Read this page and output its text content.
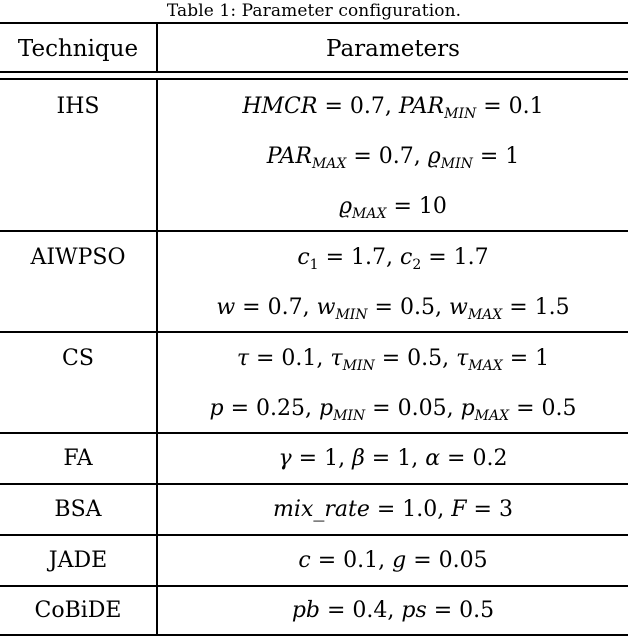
Table 1: Parameter configuration.
Technique	Parameters
IHS	HMCR = 0.7, $PAR_{MIN} = 0.1$
$PAR_{MAX} = 0.7$, $ϱ_{MIN} = 1$
$ϱ_{MAX} = 10$
AIWPSO	$c_1 = 1.7$, $c_2 = 1.7$
w = 0.7, $w_{MIN} = 0.5$, $w_{MAX} = 1.5$
CS	τ = 0.1, $\tau_{MIN} = 0.5$, $\tau_{MAX} = 1$
p = 0.25, $p_{MIN} = 0.05$, $p_{MAX} = 0.5$
FA	γ = 1, β = 1, α = 0.2
BSA	mix_rate = 1.0, F = 3
JADE	c = 0.1, g = 0.05
CoBiDE	pb = 0.4, ps = 0.5
